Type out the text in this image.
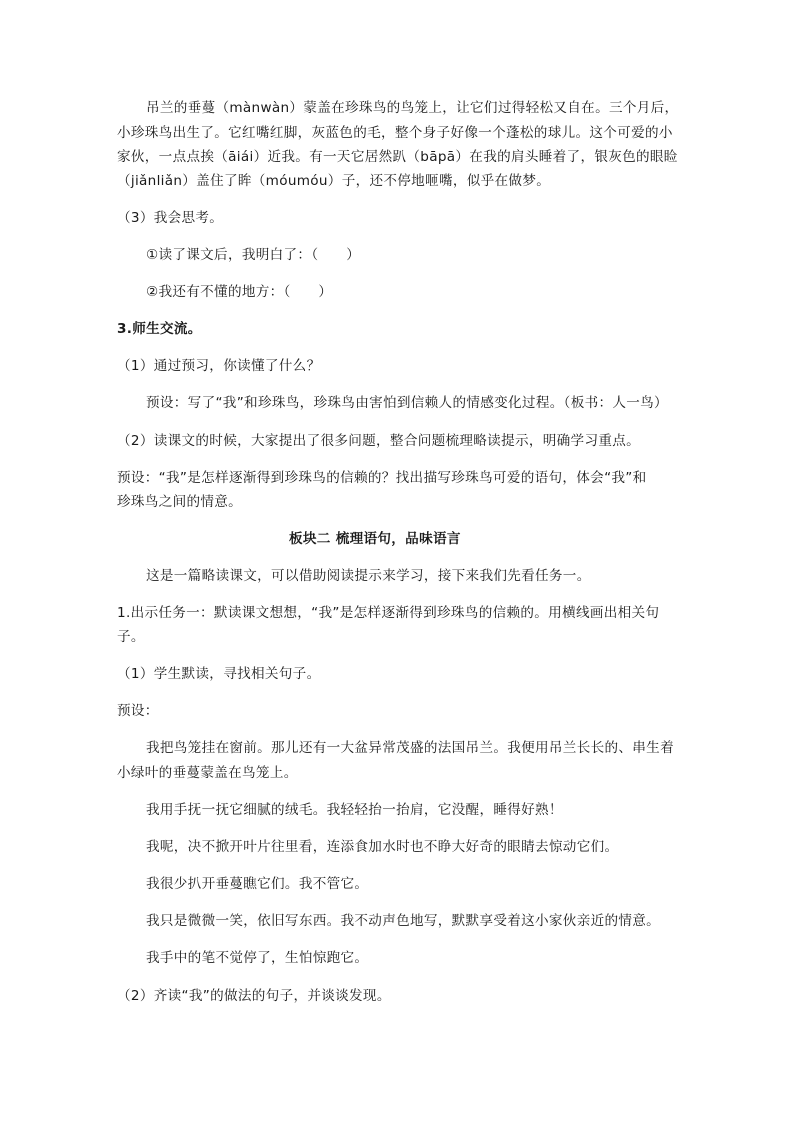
吊兰的垂蔓（mànwàn）蒙盖在珍珠鸟的鸟笼上，让它们过得轻松又自在。三个月后，
小珍珠鸟出生了。它红嘴红脚，灰蓝色的毛，整个身子好像一个蓬松的球儿。这个可爱的小
家伙，一点点挨（āiái）近我。有一天它居然趴（bāpā）在我的肩头睡着了，银灰色的眼睑
（jiǎnliǎn）盖住了眸（móumóu）子，还不停地咂嘴，似乎在做梦。
（3）我会思考。
①读了课文后，我明白了：（　　）
②我还有不懂的地方：（　　）
3.师生交流。
（1）通过预习，你读懂了什么？
预设：写了“我”和珍珠鸟，珍珠鸟由害怕到信赖人的情感变化过程。（板书：人一鸟）
（2）读课文的时候，大家提出了很多问题，整合问题梳理略读提示，明确学习重点。
预设：“我”是怎样逐渐得到珍珠鸟的信赖的？找出描写珍珠鸟可爱的语句，体会“我”和
珍珠鸟之间的情意。
板块二 梳理语句，品味语言
这是一篇略读课文，可以借助阅读提示来学习，接下来我们先看任务一。
1.出示任务一：默读课文想想，“我”是怎样逐渐得到珍珠鸟的信赖的。用横线画出相关句
子。
（1）学生默读，寻找相关句子。
预设：
我把鸟笼挂在窗前。那儿还有一大盆异常茂盛的法国吊兰。我便用吊兰长长的、串生着
小绿叶的垂蔓蒙盖在鸟笼上。
我用手抚一抚它细腻的绒毛。我轻轻抬一抬肩，它没醒，睡得好熟！
我呢，决不掀开叶片往里看，连添食加水时也不睁大好奇的眼睛去惊动它们。
我很少扒开垂蔓瞧它们。我不管它。
我只是微微一笑，依旧写东西。我不动声色地写，默默享受着这小家伙亲近的情意。
我手中的笔不觉停了，生怕惊跑它。
（2）齐读“我”的做法的句子，并谈谈发现。
